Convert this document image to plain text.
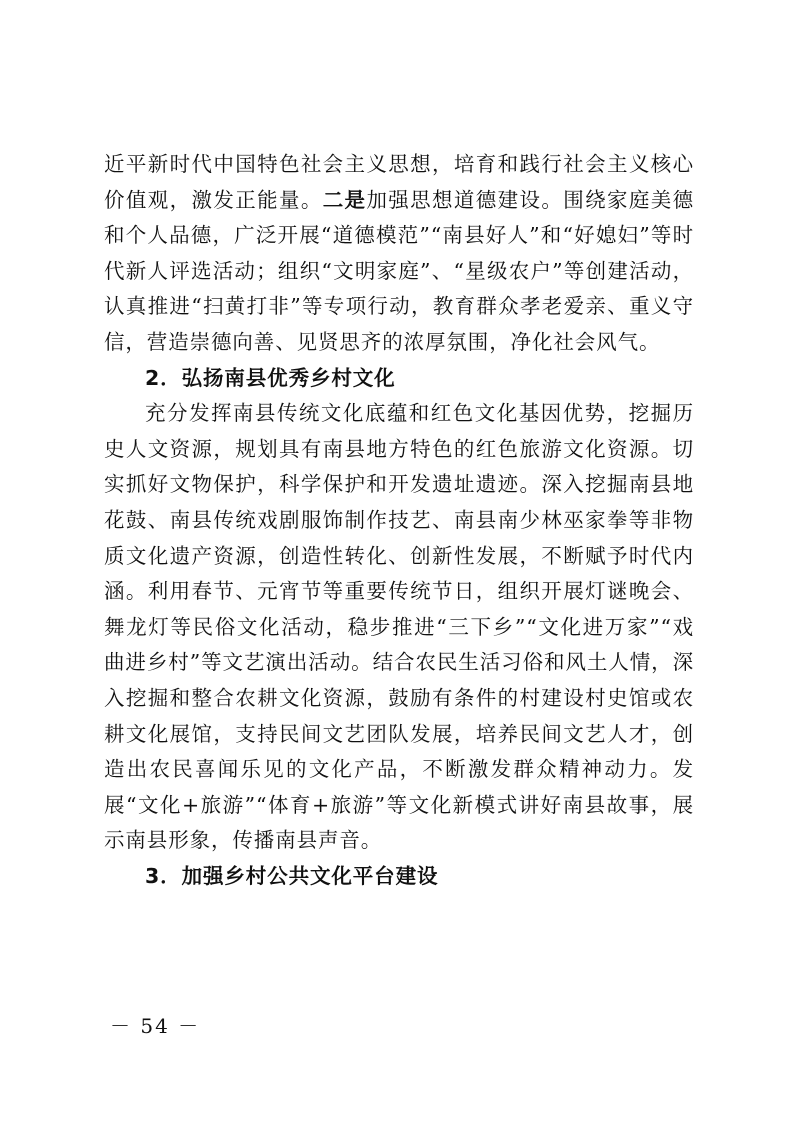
近平新时代中国特色社会主义思想，培育和践行社会主义核心价值观，激发正能量。二是加强思想道德建设。围绕家庭美德和个人品德，广泛开展“道德模范”“南县好人”和“好媳妇”等时代新人评选活动；组织“文明家庭”、“星级农户”等创建活动，认真推进“扫黄打非”等专项行动，教育群众孝老爱亲、重义守信，营造崇德向善、见贤思齐的浓厚氛围，净化社会风气。

2．弘扬南县优秀乡村文化

充分发挥南县传统文化底蕴和红色文化基因优势，挖掘历史人文资源，规划具有南县地方特色的红色旅游文化资源。切实抓好文物保护，科学保护和开发遗址遗迹。深入挖掘南县地花鼓、南县传统戏剧服饰制作技艺、南县南少林巫家拳等非物质文化遗产资源，创造性转化、创新性发展，不断赋予时代内涵。利用春节、元宵节等重要传统节日，组织开展灯谜晚会、舞龙灯等民俗文化活动，稳步推进“三下乡”“文化进万家”“戏曲进乡村”等文艺演出活动。结合农民生活习俗和风土人情，深入挖掘和整合农耕文化资源，鼓励有条件的村建设村史馆或农耕文化展馆，支持民间文艺团队发展，培养民间文艺人才，创造出农民喜闻乐见的文化产品，不断激发群众精神动力。发展“文化+旅游”“体育+旅游”等文化新模式讲好南县故事，展示南县形象，传播南县声音。

3．加强乡村公共文化平台建设

－ 54 －
